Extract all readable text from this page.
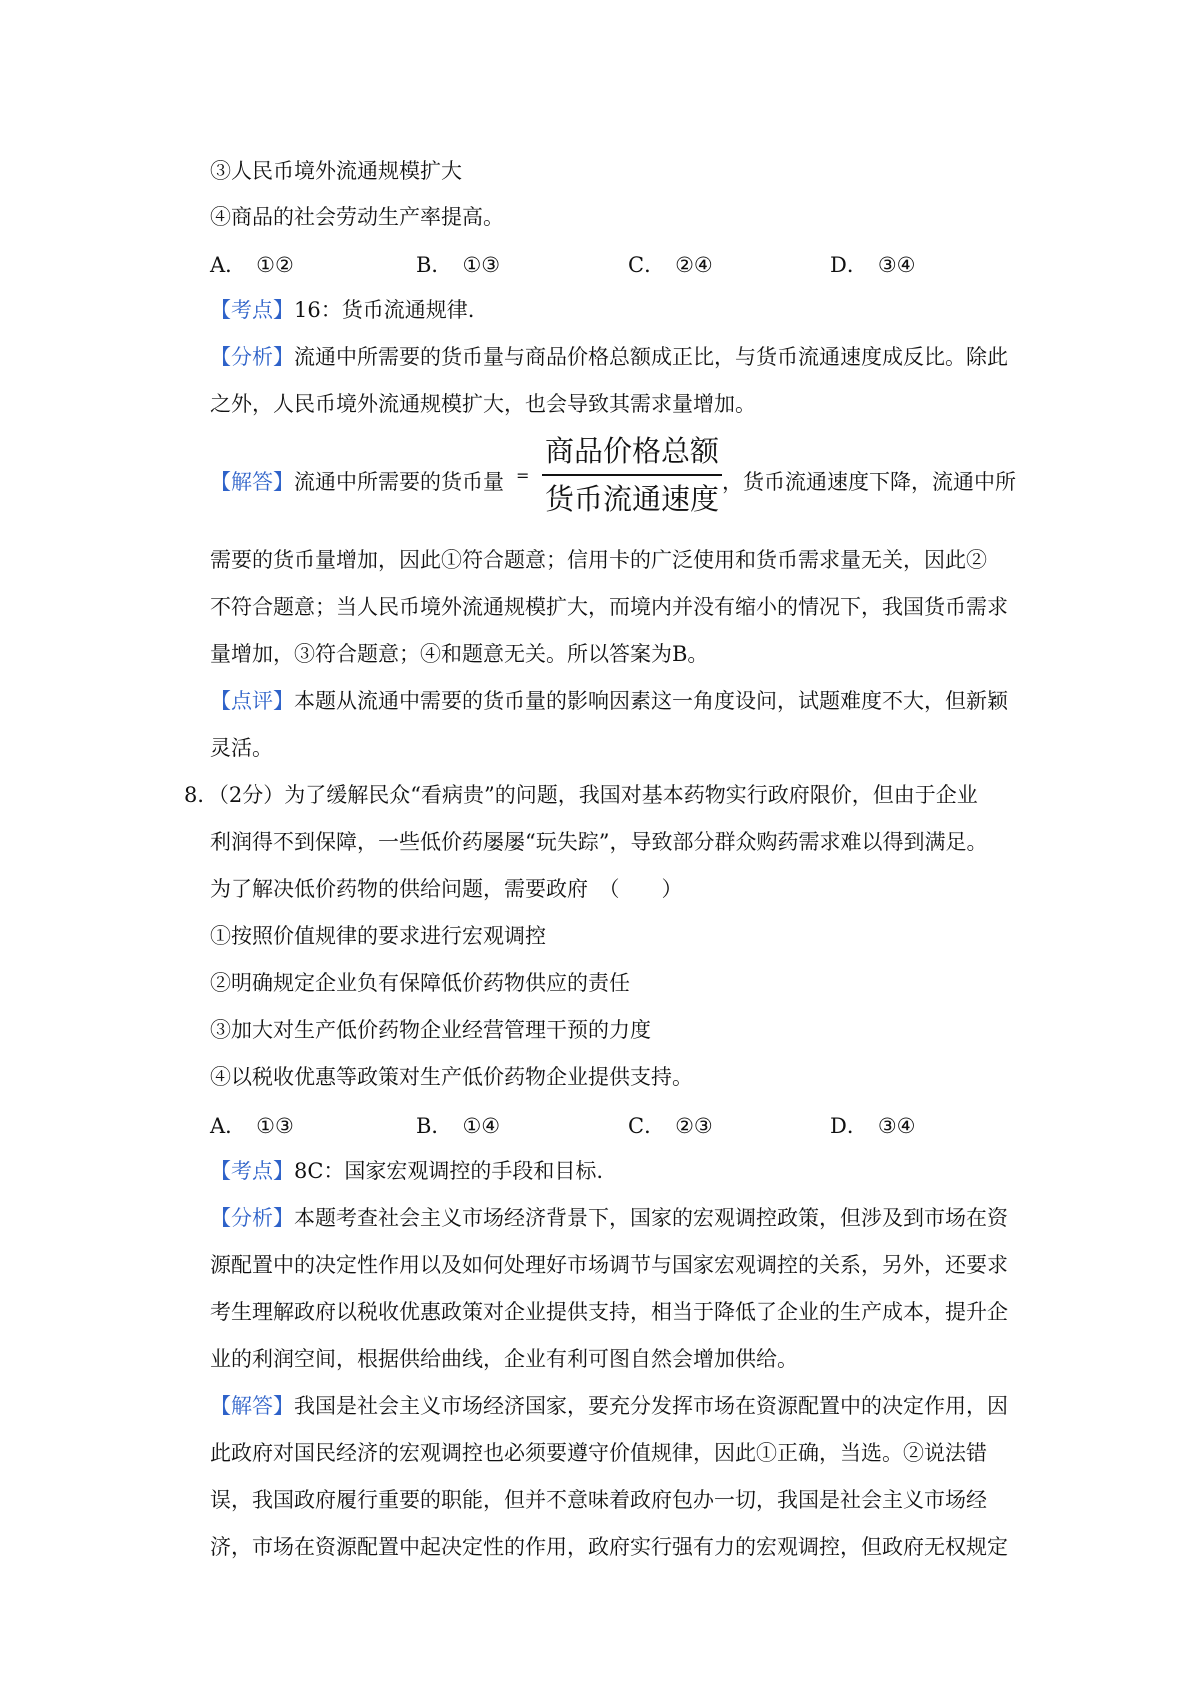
③人民币境外流通规模扩大
④商品的社会劳动生产率提高。
A． ①②	B． ①③	C． ②④	D． ③④
【考点】16：货币流通规律.
【分析】流通中所需要的货币量与商品价格总额成正比，与货币流通速度成反比。除此
之外，人民币境外流通规模扩大，也会导致其需求量增加。
【解答】流通中所需要的货币量 =
商品价格总额
货币流通速度 ，货币流通速度下降，流通中所
需要的货币量增加，因此①符合题意；信用卡的广泛使用和货币需求量无关，因此②
不符合题意；当人民币境外流通规模扩大，而境内并没有缩小的情况下，我国货币需求
量增加，③符合题意；④和题意无关。所以答案为B。
【点评】本题从流通中需要的货币量的影响因素这一角度设问，试题难度不大，但新颖
灵活。
8．（2分）为了缓解民众“看病贵”的问题，我国对基本药物实行政府限价，但由于企业
利润得不到保障，一些低价药屡屡“玩失踪”，导致部分群众购药需求难以得到满足。
为了解决低价药物的供给问题，需要政府　（　　）
①按照价值规律的要求进行宏观调控
②明确规定企业负有保障低价药物供应的责任
③加大对生产低价药物企业经营管理干预的力度
④以税收优惠等政策对生产低价药物企业提供支持。
A． ①③	B． ①④	C． ②③	D． ③④
【考点】8C：国家宏观调控的手段和目标.
【分析】本题考查社会主义市场经济背景下，国家的宏观调控政策，但涉及到市场在资
源配置中的决定性作用以及如何处理好市场调节与国家宏观调控的关系，另外，还要求
考生理解政府以税收优惠政策对企业提供支持，相当于降低了企业的生产成本，提升企
业的利润空间，根据供给曲线，企业有利可图自然会增加供给。
【解答】我国是社会主义市场经济国家，要充分发挥市场在资源配置中的决定作用，因
此政府对国民经济的宏观调控也必须要遵守价值规律，因此①正确，当选。②说法错
误，我国政府履行重要的职能，但并不意味着政府包办一切，我国是社会主义市场经
济，市场在资源配置中起决定性的作用，政府实行强有力的宏观调控，但政府无权规定
